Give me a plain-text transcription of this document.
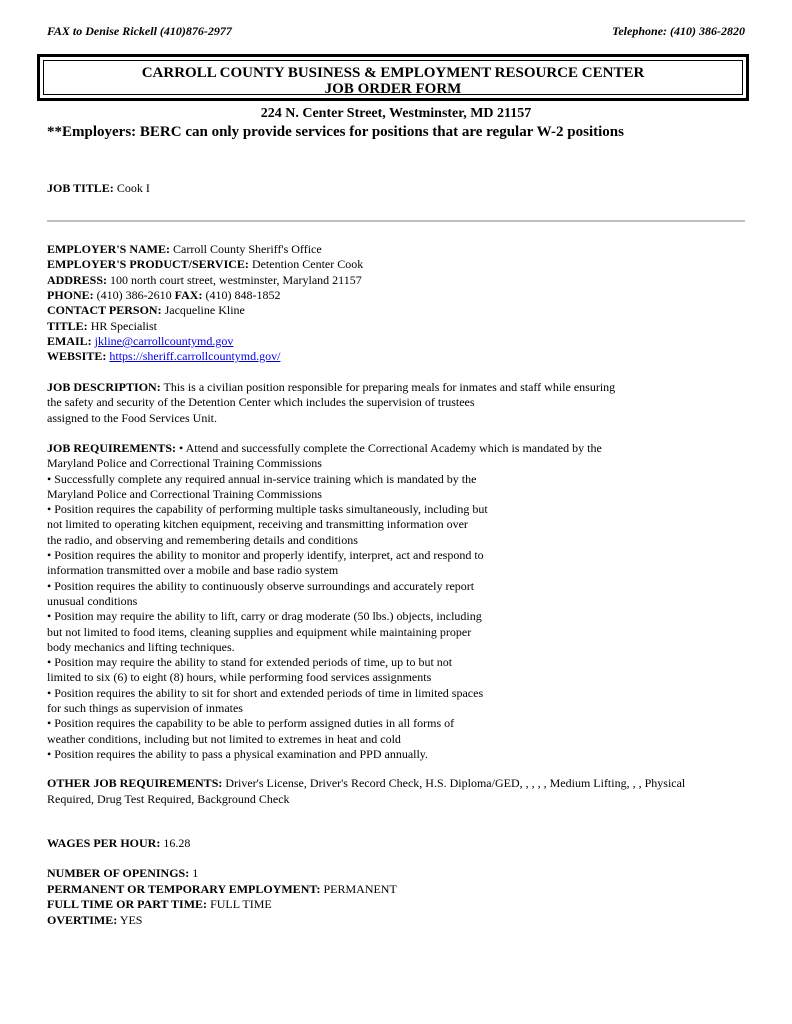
FAX to Denise Rickell (410)876-2977	Telephone: (410) 386-2820
CARROLL COUNTY BUSINESS & EMPLOYMENT RESOURCE CENTER
JOB ORDER FORM
224 N. Center Street, Westminster, MD 21157
**Employers: BERC can only provide services for positions that are regular W-2 positions
JOB TITLE: Cook I
EMPLOYER'S NAME: Carroll County Sheriff's Office
EMPLOYER'S PRODUCT/SERVICE: Detention Center Cook
ADDRESS: 100 north court street, westminster, Maryland 21157
PHONE: (410) 386-2610 FAX: (410) 848-1852
CONTACT PERSON: Jacqueline Kline
TITLE: HR Specialist
EMAIL: jkline@carrollcountymd.gov
WEBSITE: https://sheriff.carrollcountymd.gov/
JOB DESCRIPTION: This is a civilian position responsible for preparing meals for inmates and staff while ensuring
the safety and security of the Detention Center which includes the supervision of trustees
assigned to the Food Services Unit.
JOB REQUIREMENTS: • Attend and successfully complete the Correctional Academy which is mandated by the
Maryland Police and Correctional Training Commissions
• Successfully complete any required annual in-service training which is mandated by the
Maryland Police and Correctional Training Commissions
• Position requires the capability of performing multiple tasks simultaneously, including but
not limited to operating kitchen equipment, receiving and transmitting information over
the radio, and observing and remembering details and conditions
• Position requires the ability to monitor and properly identify, interpret, act and respond to
information transmitted over a mobile and base radio system
• Position requires the ability to continuously observe surroundings and accurately report
unusual conditions
• Position may require the ability to lift, carry or drag moderate (50 lbs.) objects, including
but not limited to food items, cleaning supplies and equipment while maintaining proper
body mechanics and lifting techniques.
• Position may require the ability to stand for extended periods of time, up to but not
limited to six (6) to eight (8) hours, while performing food services assignments
• Position requires the ability to sit for short and extended periods of time in limited spaces
for such things as supervision of inmates
• Position requires the capability to be able to perform assigned duties in all forms of
weather conditions, including but not limited to extremes in heat and cold
• Position requires the ability to pass a physical examination and PPD annually.
OTHER JOB REQUIREMENTS: Driver's License, Driver's Record Check, H.S. Diploma/GED, , , , , Medium Lifting, , , Physical
Required, Drug Test Required, Background Check
WAGES PER HOUR: 16.28
NUMBER OF OPENINGS: 1
PERMANENT OR TEMPORARY EMPLOYMENT: PERMANENT
FULL TIME OR PART TIME: FULL TIME
OVERTIME: YES
